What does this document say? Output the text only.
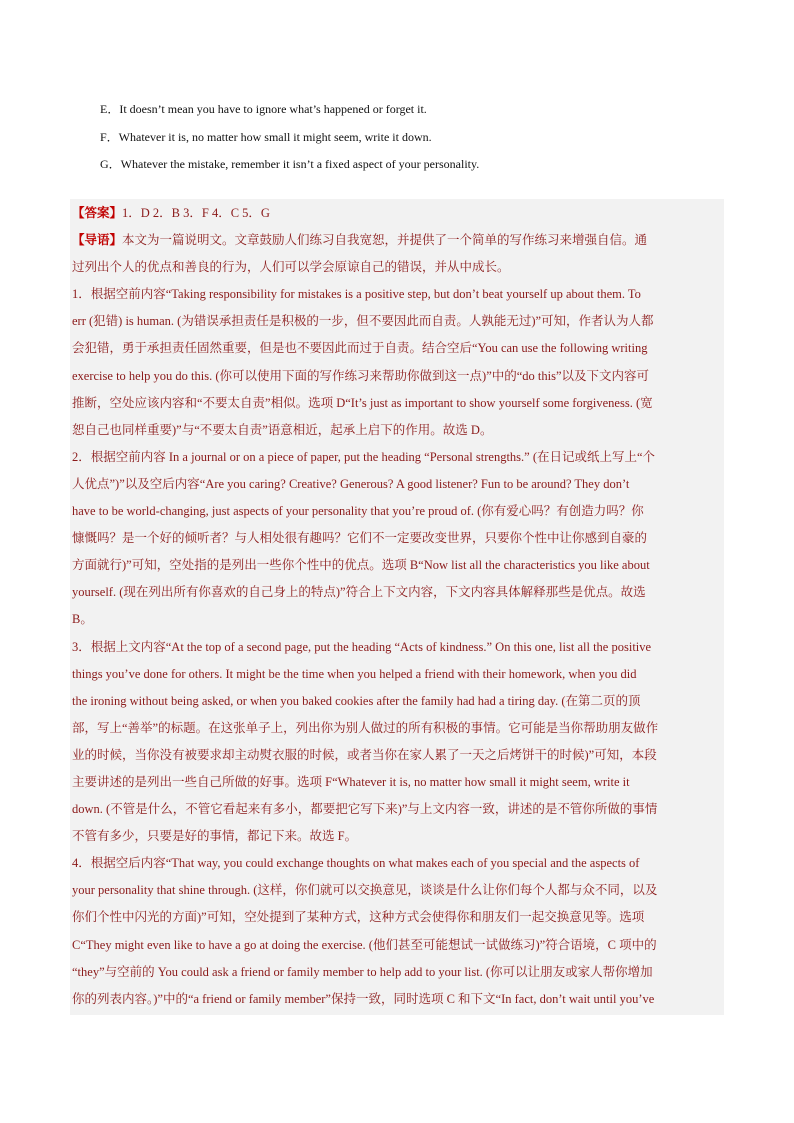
E．It doesn’t mean you have to ignore what’s happened or forget it.
F．Whatever it is, no matter how small it might seem, write it down.
G．Whatever the mistake, remember it isn’t a fixed aspect of your personality.
【答案】1．D 2．B 3．F 4．C 5．G
【导语】本文为一篇说明文。文章鼓励人们练习自我宽恕，并提供了一个简单的写作练习来增强自信。通
过列出个人的优点和善良的行为，人们可以学会原谅自己的错误，并从中成长。
1．根据空前内容“Taking responsibility for mistakes is a positive step, but don’t beat yourself up about them. To
err (犯错) is human. (为错误承担责任是积极的一步，但不要因此而自责。人孰能无过)”可知，作者认为人都
会犯错，勇于承担责任固然重要，但是也不要因此而过于自责。结合空后“You can use the following writing
exercise to help you do this. (你可以使用下面的写作练习来帮助你做到这一点)”中的“do this”以及下文内容可
推断，空处应该内容和“不要太自责”相似。选项 D“It’s just as important to show yourself some forgiveness. (宽
恕自己也同样重要)”与“不要太自责”语意相近，起承上启下的作用。故选 D。
2．根据空前内容 In a journal or on a piece of paper, put the heading “Personal strengths.” (在日记或纸上写上“个
人优点”)”以及空后内容“Are you caring? Creative? Generous? A good listener? Fun to be around? They don’t
have to be world-changing, just aspects of your personality that you’re proud of. (你有爱心吗？有创造力吗？你
慷慨吗？是一个好的倾听者？与人相处很有趣吗？它们不一定要改变世界，只要你个性中让你感到自豪的
方面就行)”可知，空处指的是列出一些你个性中的优点。选项 B“Now list all the characteristics you like about
yourself. (现在列出所有你喜欢的自己身上的特点)”符合上下文内容，下文内容具体解释那些是优点。故选
B。
3．根据上文内容“At the top of a second page, put the heading “Acts of kindness.” On this one, list all the positive
things you’ve done for others. It might be the time when you helped a friend with their homework, when you did
the ironing without being asked, or when you baked cookies after the family had had a tiring day. (在第二页的顶
部，写上“善举”的标题。在这张单子上，列出你为别人做过的所有积极的事情。它可能是当你帮助朋友做作
业的时候，当你没有被要求却主动熨衣服的时候，或者当你在家人累了一天之后烤饼干的时候)”可知，本段
主要讲述的是列出一些自己所做的好事。选项 F“Whatever it is, no matter how small it might seem, write it
down. (不管是什么，不管它看起来有多小，都要把它写下来)”与上文内容一致，讲述的是不管你所做的事情
不管有多少，只要是好的事情，都记下来。故选 F。
4．根据空后内容“That way, you could exchange thoughts on what makes each of you special and the aspects of
your personality that shine through. (这样，你们就可以交换意见，谈谈是什么让你们每个人都与众不同，以及
你们个性中闪光的方面)”可知，空处提到了某种方式，这种方式会使得你和朋友们一起交换意见等。选项
C“They might even like to have a go at doing the exercise. (他们甚至可能想试一试做练习)”符合语境，C 项中的
“they”与空前的 You could ask a friend or family member to help add to your list. (你可以让朋友或家人帮你增加
你的列表内容。)”中的“a friend or family member”保持一致，同时选项 C 和下文“In fact, don’t wait until you’ve
